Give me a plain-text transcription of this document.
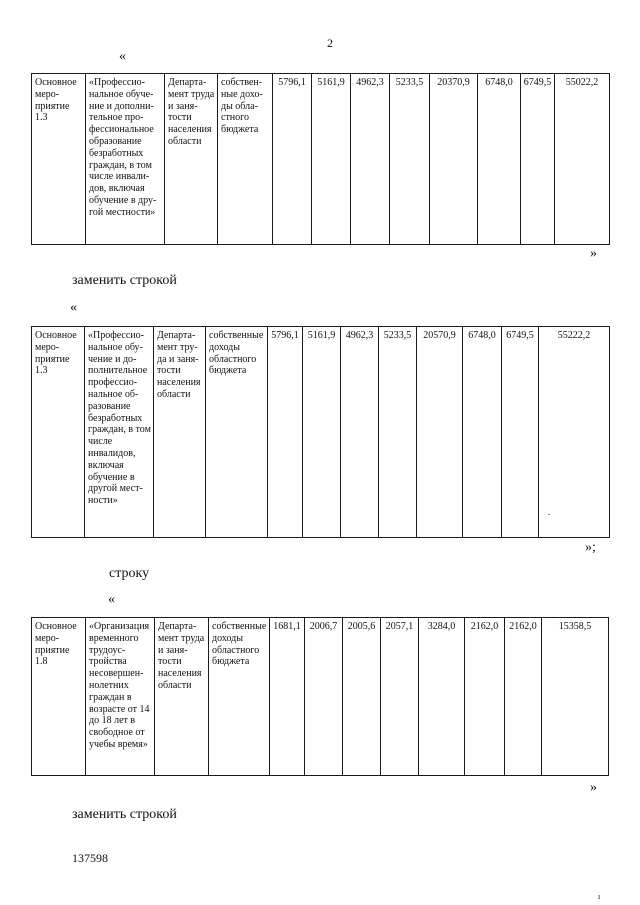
2
«
Основное мероприятие 1.3	«Профессиональное обучение и дополнительное профессиональное образование безработных граждан, в том числе инвалидов, включая обучение в другой местности»	Департамент труда и занятости населения области	собственные доходы областного бюджета	5796,1	5161,9	4962,3	5233,5	20370,9	6748,0	6749,5	55022,2
»
заменить строкой
«
Основное мероприятие 1.3	«Профессиональное обучение и дополнительное профессиональное образование безработных граждан, в том числе инвалидов, включая обучение в другой местности»	Департамент труда и занятости населения области	собственные доходы областного бюджета	5796,1	5161,9	4962,3	5233,5	20570,9	6748,0	6749,5	55222,2
.
»;
строку
«
Основное мероприятие 1.8	«Организация временного трудоустройства несовершеннолетних граждан в возрасте от 14 до 18 лет в свободное от учебы время»	Департамент труда и занятости населения области	собственные доходы областного бюджета	1681,1	2006,7	2005,6	2057,1	3284,0	2162,0	2162,0	15358,5
»
заменить строкой
137598
ı
